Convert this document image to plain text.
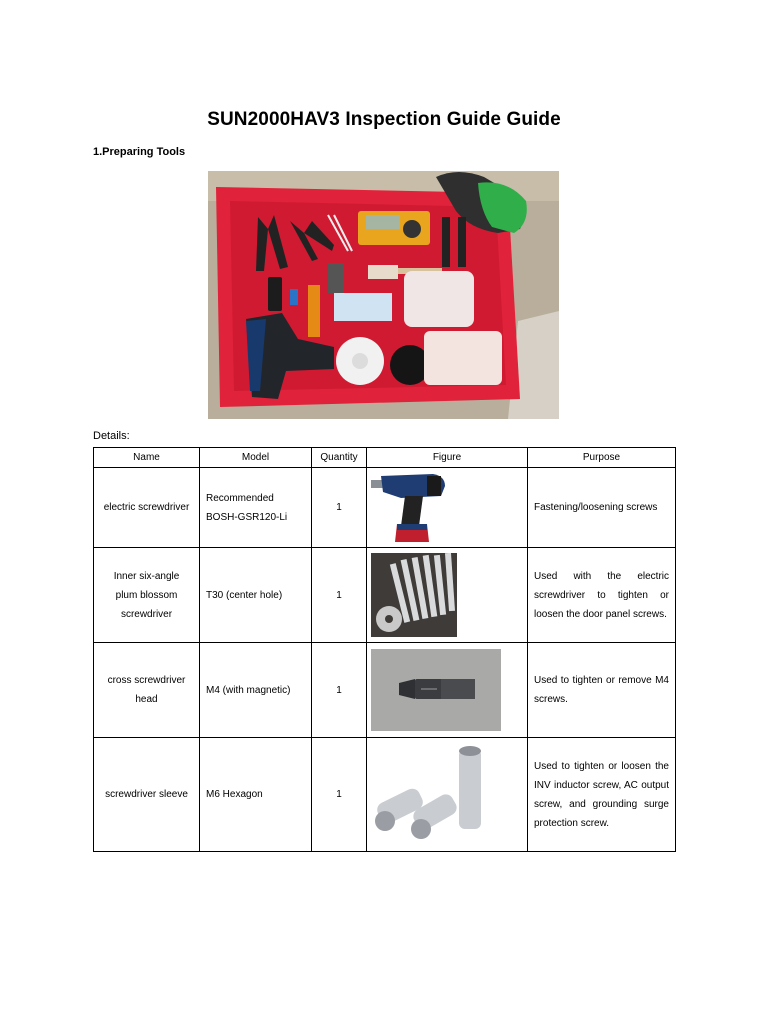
SUN2000HAV3 Inspection Guide Guide
1.Preparing Tools
Details:
Name	Model	Quantity	Figure	Purpose
electric screwdriver	Recommended BOSH-GSR120-Li	1		Fastening/loosening screws
Inner six-angle plum blossom screwdriver	T30 (center hole)	1		Used with the electric screwdriver to tighten or loosen the door panel screws.
cross screwdriver head	M4 (with magnetic)	1		Used to tighten or remove M4 screws.
screwdriver sleeve	M6 Hexagon	1		Used to tighten or loosen the INV inductor screw, AC output screw, and grounding surge protection screw.
